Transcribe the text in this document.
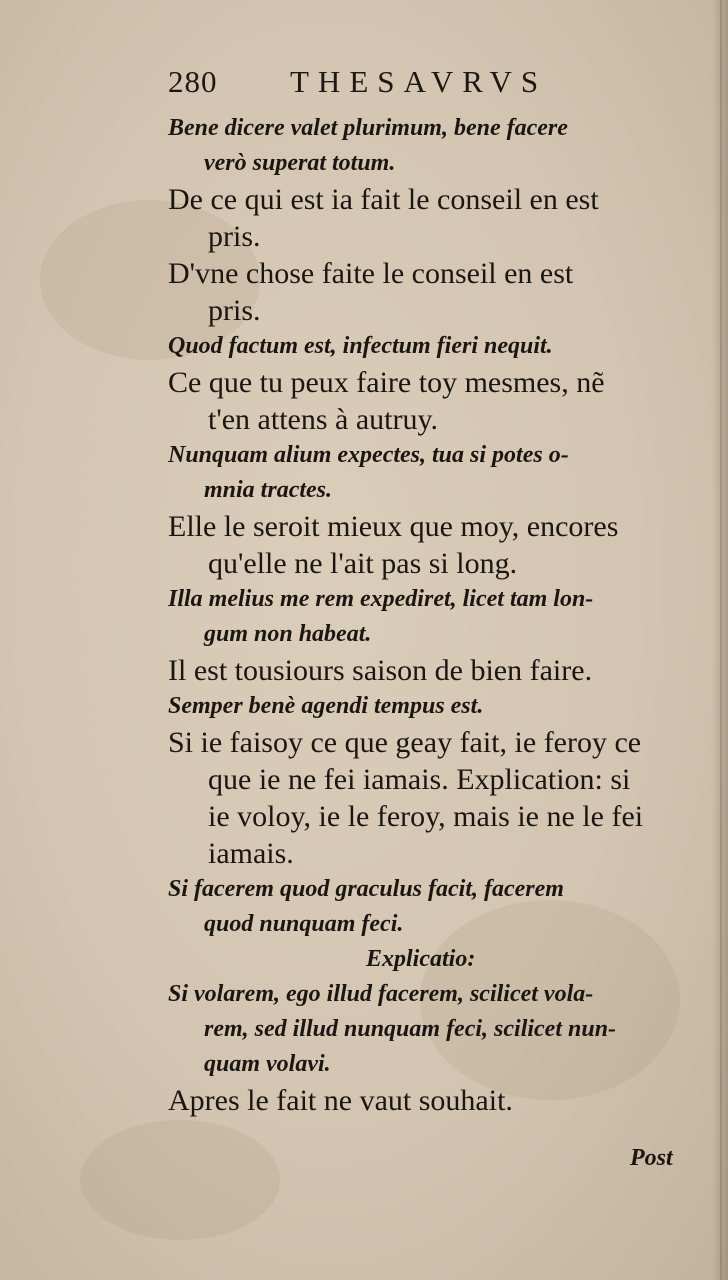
280 THESAVRVS
Bene dicere valet plurimum, bene facere
verò superat totum.
De ce qui est ia fait le conseil en est
pris.
D'vne chose faite le conseil en est
pris.
Quod factum est, infectum fieri nequit.
Ce que tu peux faire toy mesmes, nẽ
t'en attens à autruy.
Nunquam alium expectes, tua si potes o-
mnia tractes.
Elle le seroit mieux que moy, encores
qu'elle ne l'ait pas si long.
Illa melius me rem expediret, licet tam lon-
gum non habeat.
Il est tousiours saison de bien faire.
Semper benè agendi tempus est.
Si ie faisoy ce que geay fait, ie feroy ce
que ie ne fei iamais. Explication: si
ie voloy, ie le feroy, mais ie ne le fei
iamais.
Si facerem quod graculus facit, facerem
quod nunquam feci.
Explicatio:
Si volarem, ego illud facerem, scilicet vola-
rem, sed illud nunquam feci, scilicet nun-
quam volavi.
Apres le fait ne vaut souhait.
Post
